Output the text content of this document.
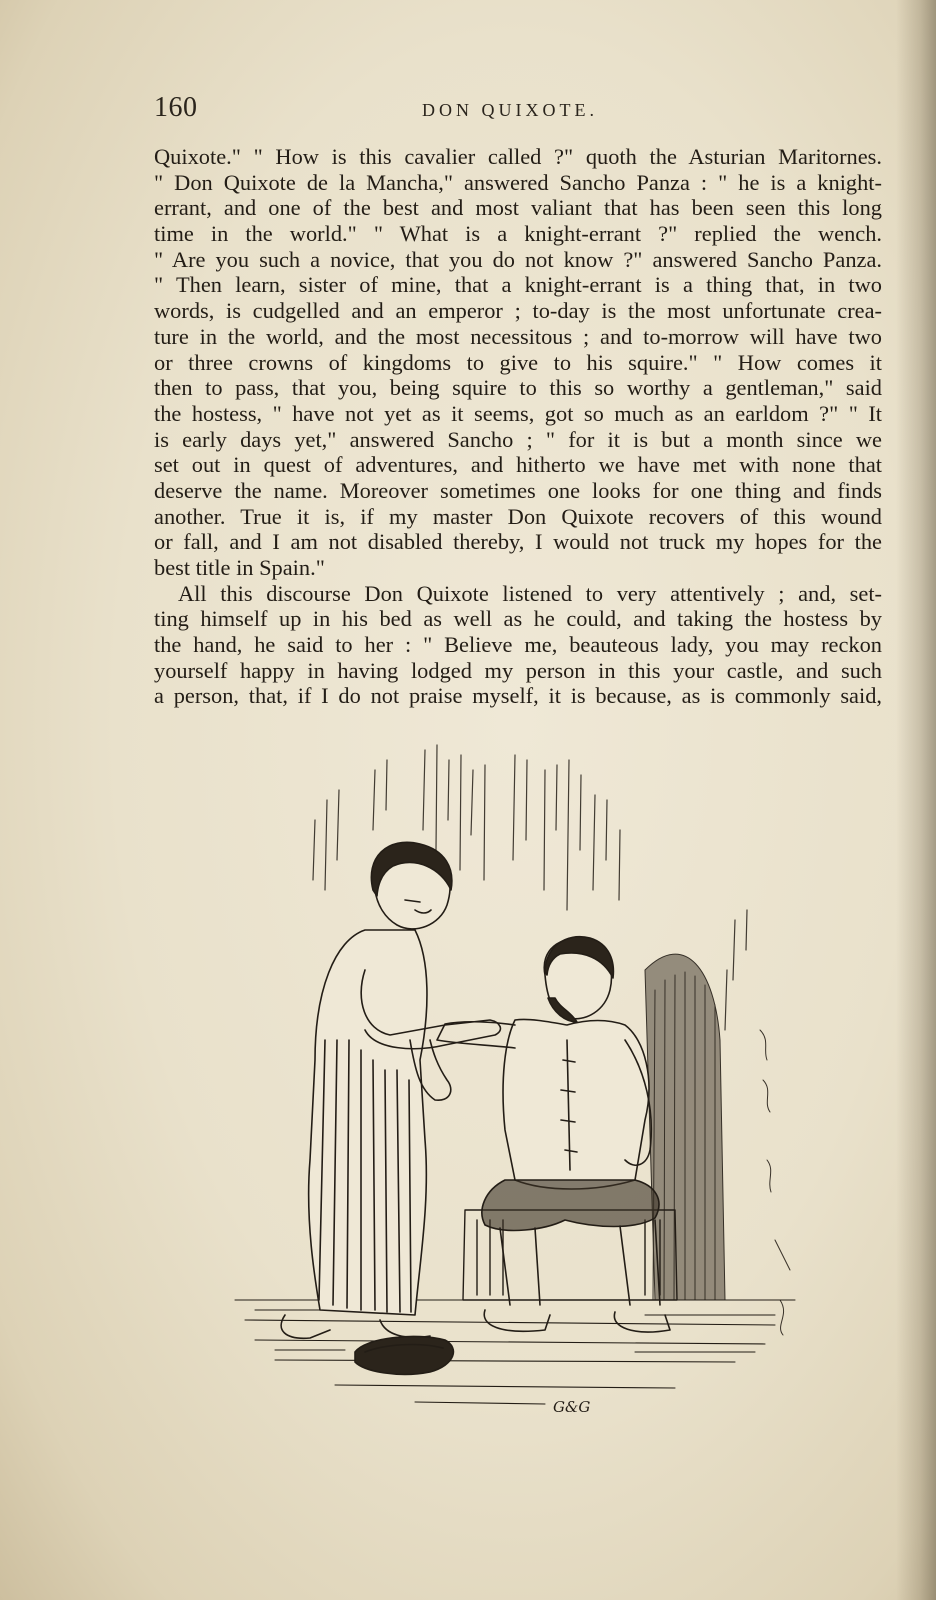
160	DON QUIXOTE.
Quixote." " How is this cavalier called ?" quoth the Asturian Maritornes.
" Don Quixote de la Mancha," answered Sancho Panza : " he is a knight-
errant, and one of the best and most valiant that has been seen this long
time in the world." " What is a knight-errant ?" replied the wench.
" Are you such a novice, that you do not know ?" answered Sancho Panza.
" Then learn, sister of mine, that a knight-errant is a thing that, in two
words, is cudgelled and an emperor ; to-day is the most unfortunate crea-
ture in the world, and the most necessitous ; and to-morrow will have two
or three crowns of kingdoms to give to his squire." " How comes it
then to pass, that you, being squire to this so worthy a gentleman," said
the hostess, " have not yet as it seems, got so much as an earldom ?" " It
is early days yet," answered Sancho ; " for it is but a month since we
set out in quest of adventures, and hitherto we have met with none that
deserve the name. Moreover sometimes one looks for one thing and finds
another. True it is, if my master Don Quixote recovers of this wound
or fall, and I am not disabled thereby, I would not truck my hopes for the
best title in Spain."
All this discourse Don Quixote listened to very attentively ; and, set-
ting himself up in his bed as well as he could, and taking the hostess by
the hand, he said to her : " Believe me, beauteous lady, you may reckon
yourself happy in having lodged my person in this your castle, and such
a person, that, if I do not praise myself, it is because, as is commonly said,
G&G
